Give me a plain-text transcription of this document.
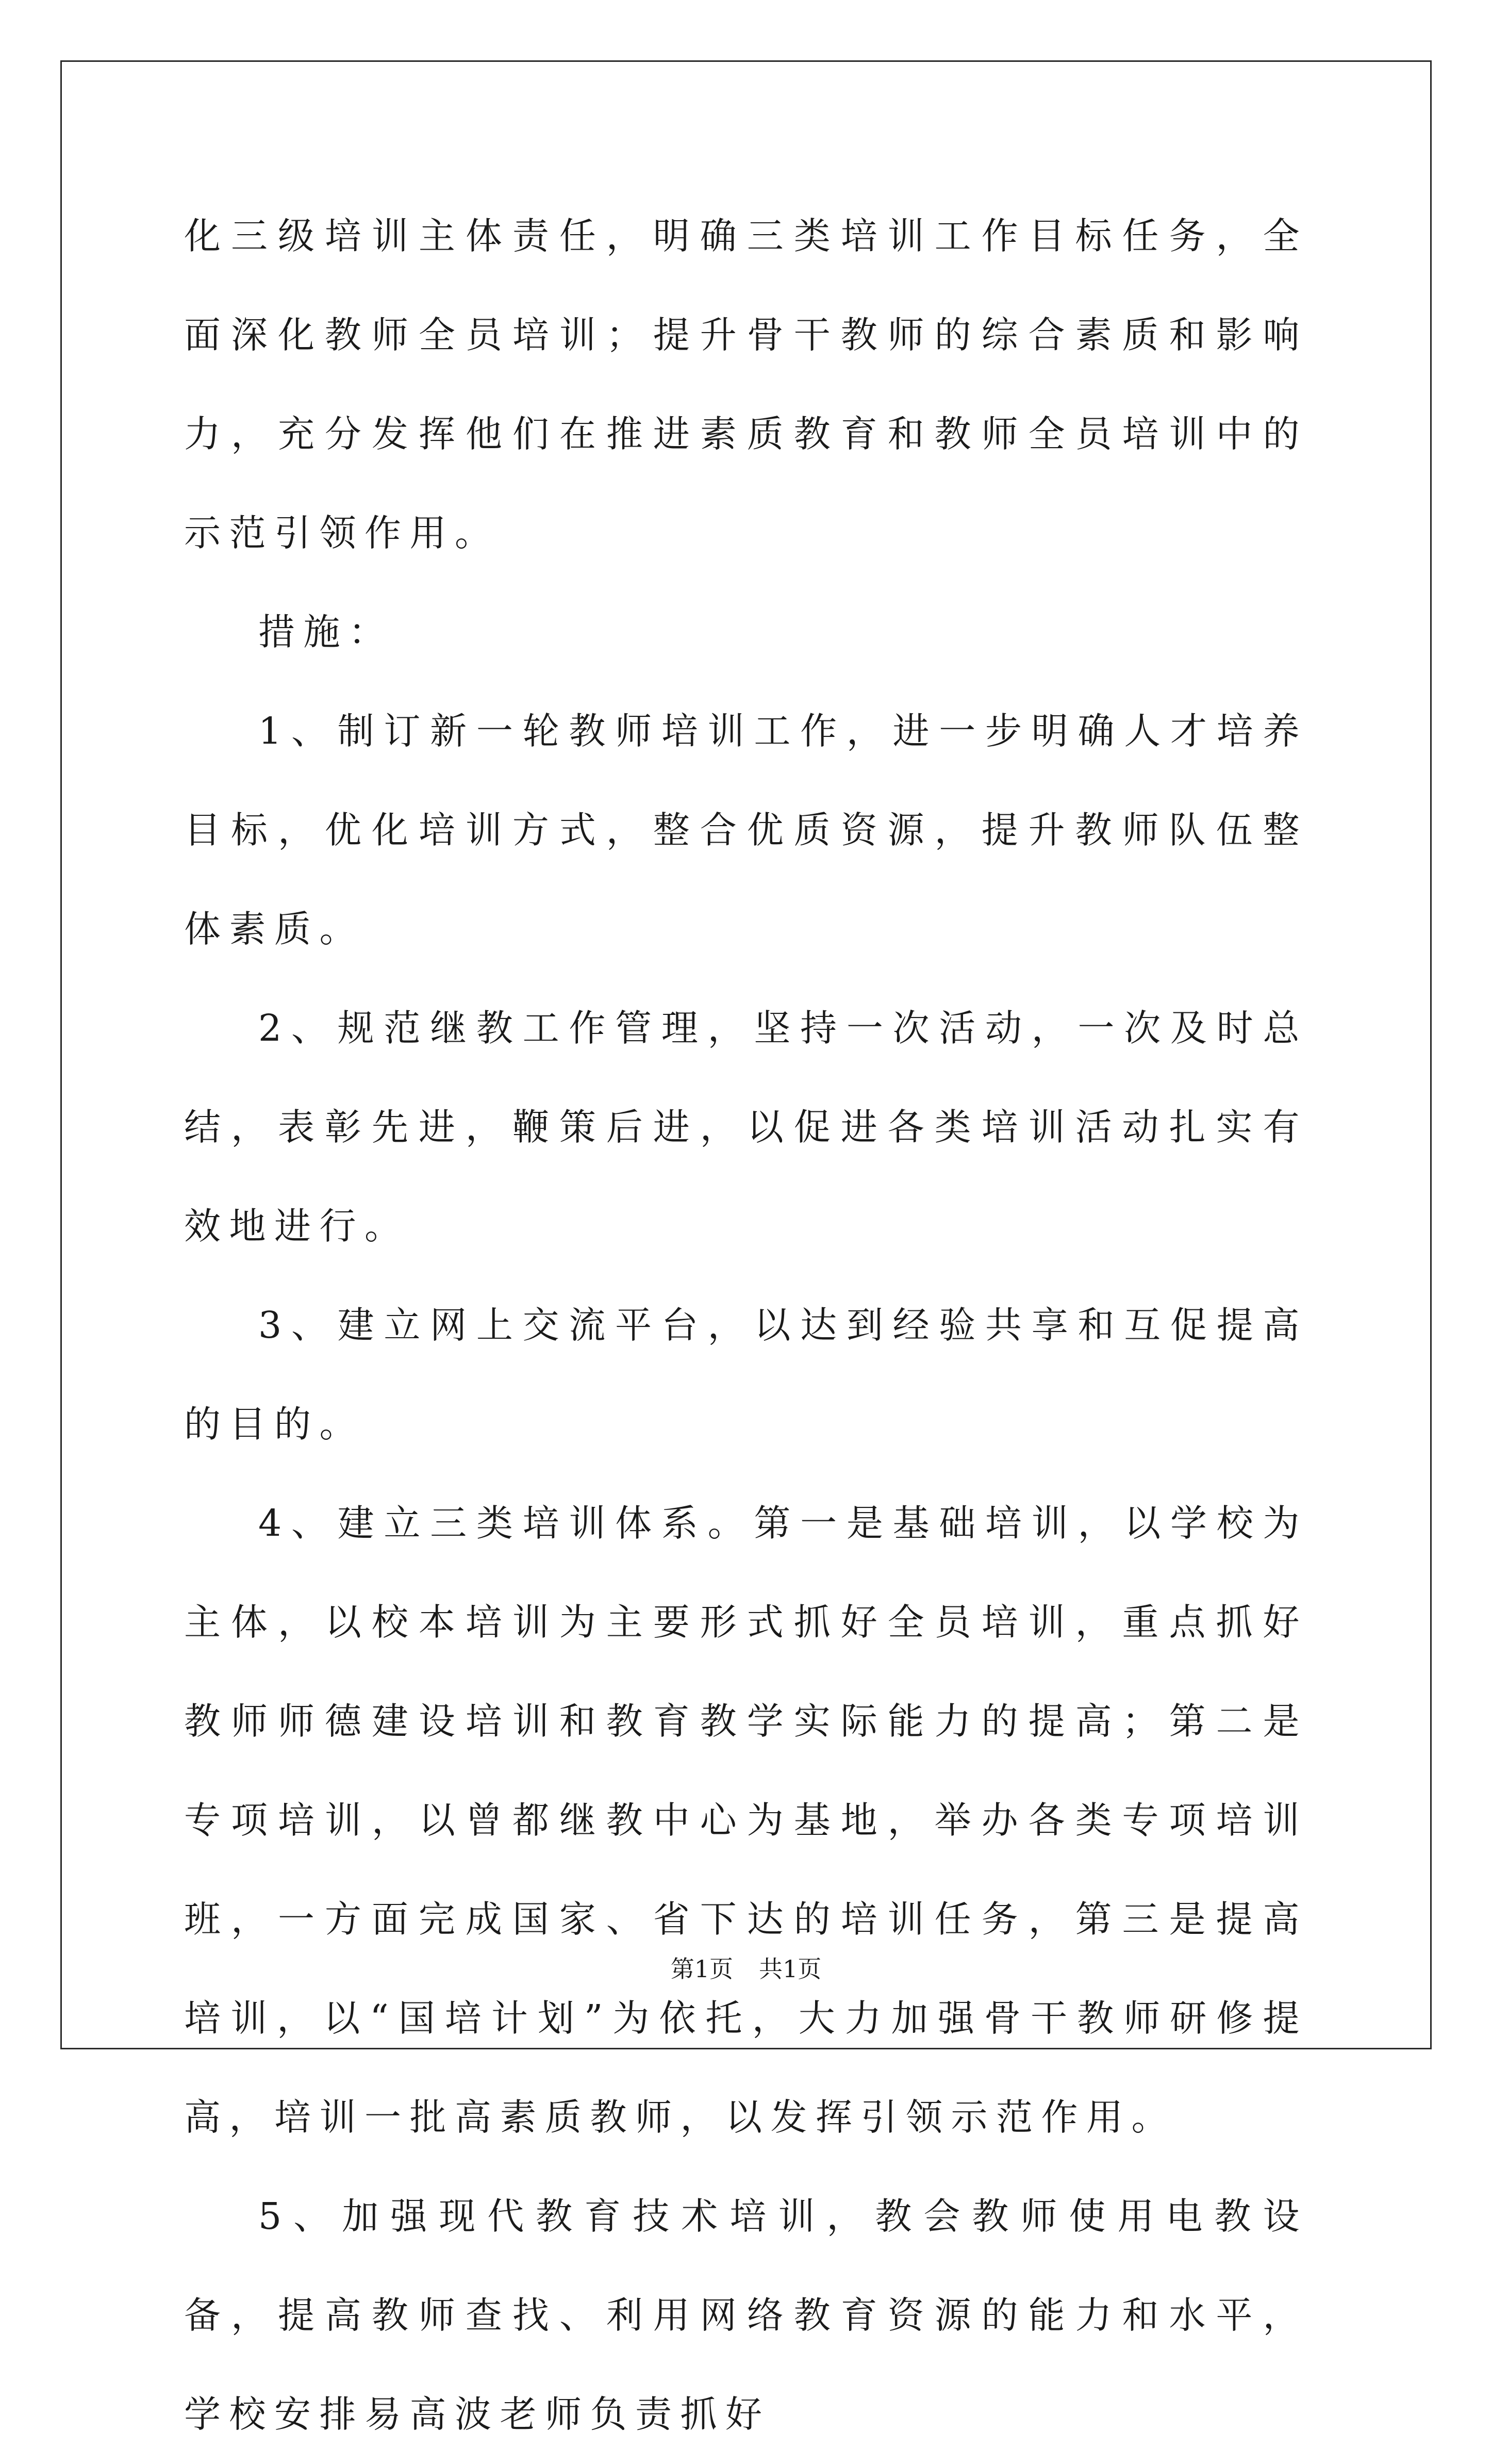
化三级培训主体责任，明确三类培训工作目标任务，全面深化教师全员培训；提升骨干教师的综合素质和影响力，充分发挥他们在推进素质教育和教师全员培训中的示范引领作用。

措施：

1、制订新一轮教师培训工作，进一步明确人才培养目标，优化培训方式，整合优质资源，提升教师队伍整体素质。

2、规范继教工作管理，坚持一次活动，一次及时总结，表彰先进，鞭策后进，以促进各类培训活动扎实有效地进行。

3、建立网上交流平台，以达到经验共享和互促提高的目的。

4、建立三类培训体系。第一是基础培训，以学校为主体，以校本培训为主要形式抓好全员培训，重点抓好教师师德建设培训和教育教学实际能力的提高；第二是专项培训，以曾都继教中心为基地，举办各类专项培训班，一方面完成国家、省下达的培训任务，第三是提高培训，以“国培计划”为依托，大力加强骨干教师研修提高，培训一批高素质教师，以发挥引领示范作用。

5、加强现代教育技术培训，教会教师使用电教设备，提高教师查找、利用网络教育资源的能力和水平，学校安排易高波老师负责抓好

第1页 共1页
